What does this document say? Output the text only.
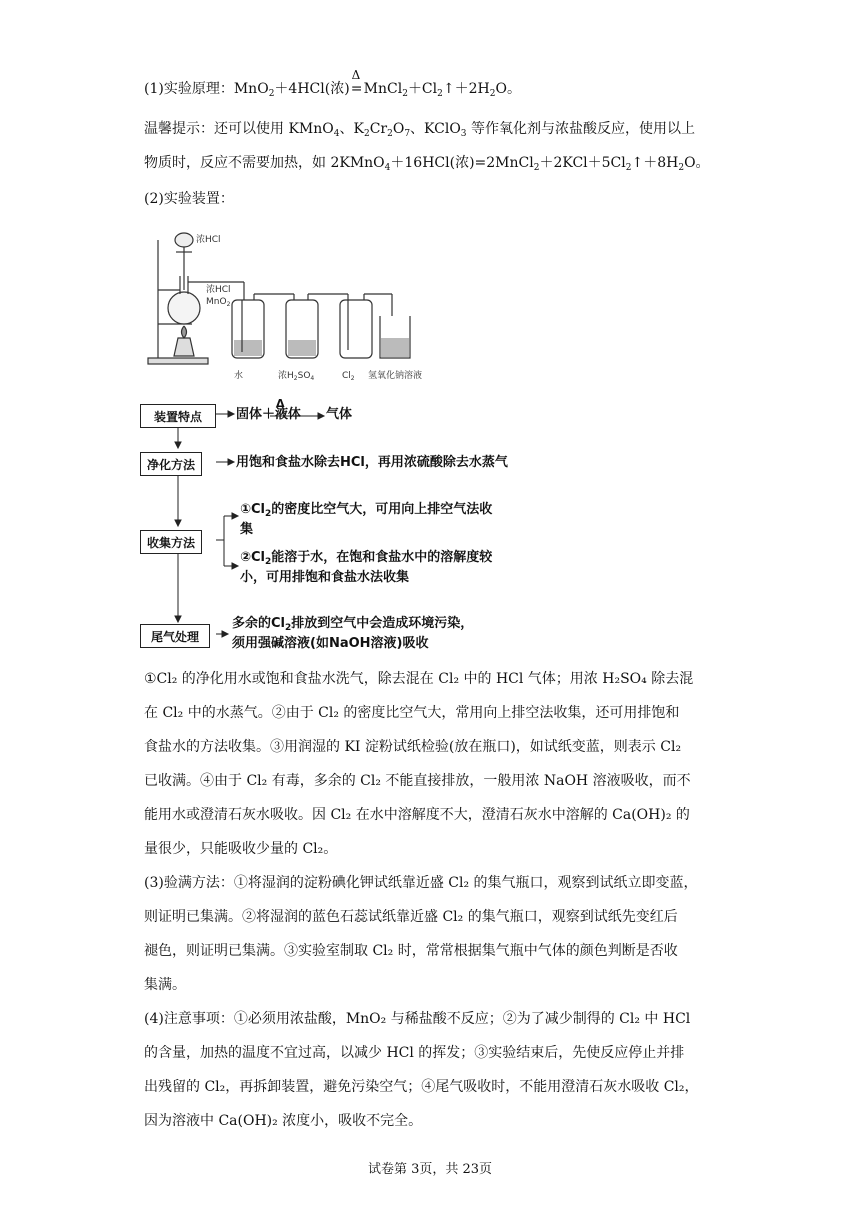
(1)实验原理：MnO$_2$＋4HCl(浓)
Δ
$=MnCl_2+Cl_2↑+2H_2O$。
温馨提示：还可以使用 KMnO$_4$、$K_2Cr_2O_7$、KClO$_3$ 等作氧化剂与浓盐酸反应，使用以上
物质时，反应不需要加热，如 2KMnO$_4$＋16HCl(浓)$=2MnCl_2+2KCl+5Cl_2↑+8H_2O$。
(2)实验装置：
浓HCl
浓HCl
MnO$_2$
水	浓$H_2SO_4$	$Cl_2$ 氢氧化钠溶液
装置特点	固体＋液体
Δ
气体
净化方法	用饱和食盐水除去HCl，再用浓硫酸除去水蒸气
收集方法
$①Cl_2$的密度比空气大，可用向上排空气法收
集
$②Cl_2$能溶于水，在饱和食盐水中的溶解度较
小，可用排饱和食盐水法收集
尾气处理
多余的$Cl_2$排放到空气中会造成环境污染，
须用强碱溶液(如NaOH溶液)吸收
①Cl₂ 的净化用水或饱和食盐水洗气，除去混在 Cl₂ 中的 HCl 气体；用浓 H₂SO₄ 除去混
在 Cl₂ 中的水蒸气。②由于 Cl₂ 的密度比空气大，常用向上排空法收集，还可用排饱和
食盐水的方法收集。③用润湿的 KI 淀粉试纸检验(放在瓶口)，如试纸变蓝，则表示 Cl₂
已收满。④由于 Cl₂ 有毒，多余的 Cl₂ 不能直接排放，一般用浓 NaOH 溶液吸收，而不
能用水或澄清石灰水吸收。因 Cl₂ 在水中溶解度不大，澄清石灰水中溶解的 Ca(OH)₂ 的
量很少，只能吸收少量的 Cl₂。
(3)验满方法：①将湿润的淀粉碘化钾试纸靠近盛 Cl₂ 的集气瓶口，观察到试纸立即变蓝，
则证明已集满。②将湿润的蓝色石蕊试纸靠近盛 Cl₂ 的集气瓶口，观察到试纸先变红后
褪色，则证明已集满。③实验室制取 Cl₂ 时，常常根据集气瓶中气体的颜色判断是否收
集满。
(4)注意事项：①必须用浓盐酸，MnO₂ 与稀盐酸不反应；②为了减少制得的 Cl₂ 中 HCl
的含量，加热的温度不宜过高，以减少 HCl 的挥发；③实验结束后，先使反应停止并排
出残留的 Cl₂，再拆卸装置，避免污染空气；④尾气吸收时，不能用澄清石灰水吸收 Cl₂，
因为溶液中 Ca(OH)₂ 浓度小，吸收不完全。
试卷第 3页，共 23页
